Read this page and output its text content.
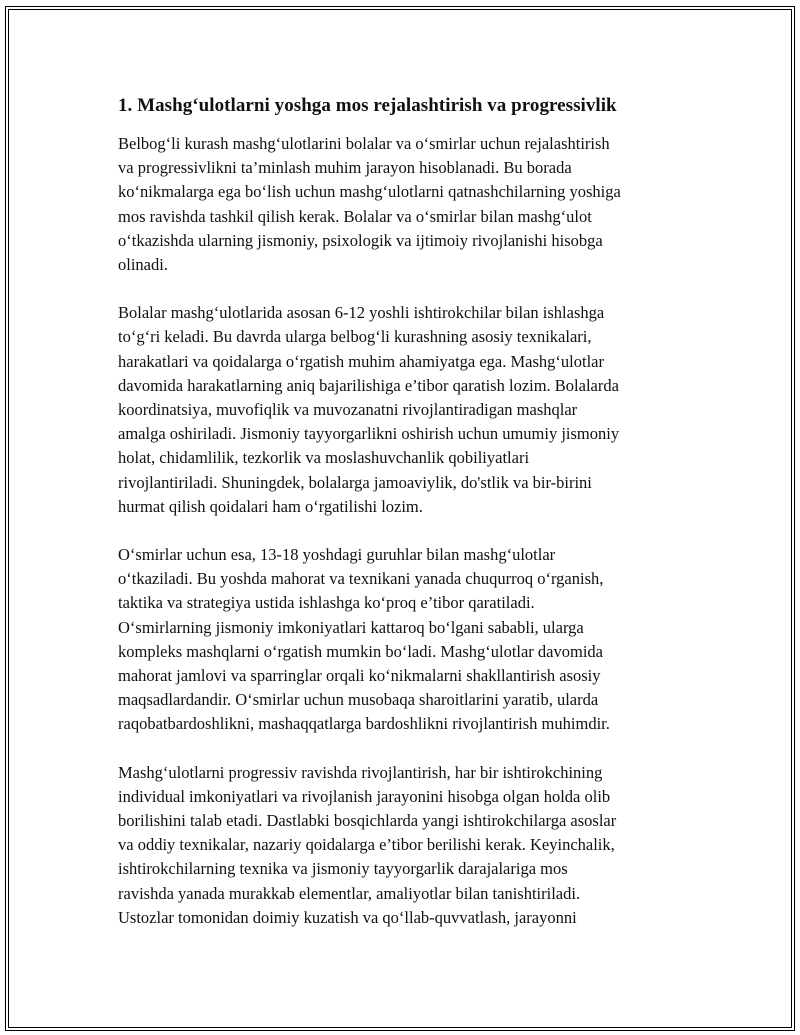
1. Mashg‘ulotlarni yoshga mos rejalashtirish va progressivlik

Belbog‘li kurash mashg‘ulotlarini bolalar va o‘smirlar uchun rejalashtirish
va progressivlikni ta’minlash muhim jarayon hisoblanadi. Bu borada
ko‘nikmalarga ega bo‘lish uchun mashg‘ulotlarni qatnashchilarning yoshiga
mos ravishda tashkil qilish kerak. Bolalar va o‘smirlar bilan mashg‘ulot
o‘tkazishda ularning jismoniy, psixologik va ijtimoiy rivojlanishi hisobga
olinadi.

Bolalar mashg‘ulotlarida asosan 6-12 yoshli ishtirokchilar bilan ishlashga
to‘g‘ri keladi. Bu davrda ularga belbog‘li kurashning asosiy texnikalari,
harakatlari va qoidalarga o‘rgatish muhim ahamiyatga ega. Mashg‘ulotlar
davomida harakatlarning aniq bajarilishiga e’tibor qaratish lozim. Bolalarda
koordinatsiya, muvofiqlik va muvozanatni rivojlantiradigan mashqlar
amalga oshiriladi. Jismoniy tayyorgarlikni oshirish uchun umumiy jismoniy
holat, chidamlilik, tezkorlik va moslashuvchanlik qobiliyatlari
rivojlantiriladi. Shuningdek, bolalarga jamoaviylik, do'stlik va bir-birini
hurmat qilish qoidalari ham o‘rgatilishi lozim.

O‘smirlar uchun esa, 13-18 yoshdagi guruhlar bilan mashg‘ulotlar
o‘tkaziladi. Bu yoshda mahorat va texnikani yanada chuqurroq o‘rganish,
taktika va strategiya ustida ishlashga ko‘proq e’tibor qaratiladi.
O‘smirlarning jismoniy imkoniyatlari kattaroq bo‘lgani sababli, ularga
kompleks mashqlarni o‘rgatish mumkin bo‘ladi. Mashg‘ulotlar davomida
mahorat jamlovi va sparringlar orqali ko‘nikmalarni shakllantirish asosiy
maqsadlardandir. O‘smirlar uchun musobaqa sharoitlarini yaratib, ularda
raqobatbardoshlikni, mashaqqatlarga bardoshlikni rivojlantirish muhimdir.

Mashg‘ulotlarni progressiv ravishda rivojlantirish, har bir ishtirokchining
individual imkoniyatlari va rivojlanish jarayonini hisobga olgan holda olib
borilishini talab etadi. Dastlabki bosqichlarda yangi ishtirokchilarga asoslar
va oddiy texnikalar, nazariy qoidalarga e’tibor berilishi kerak. Keyinchalik,
ishtirokchilarning texnika va jismoniy tayyorgarlik darajalariga mos
ravishda yanada murakkab elementlar, amaliyotlar bilan tanishtiriladi.
Ustozlar tomonidan doimiy kuzatish va qo‘llab-quvvatlash, jarayonni
